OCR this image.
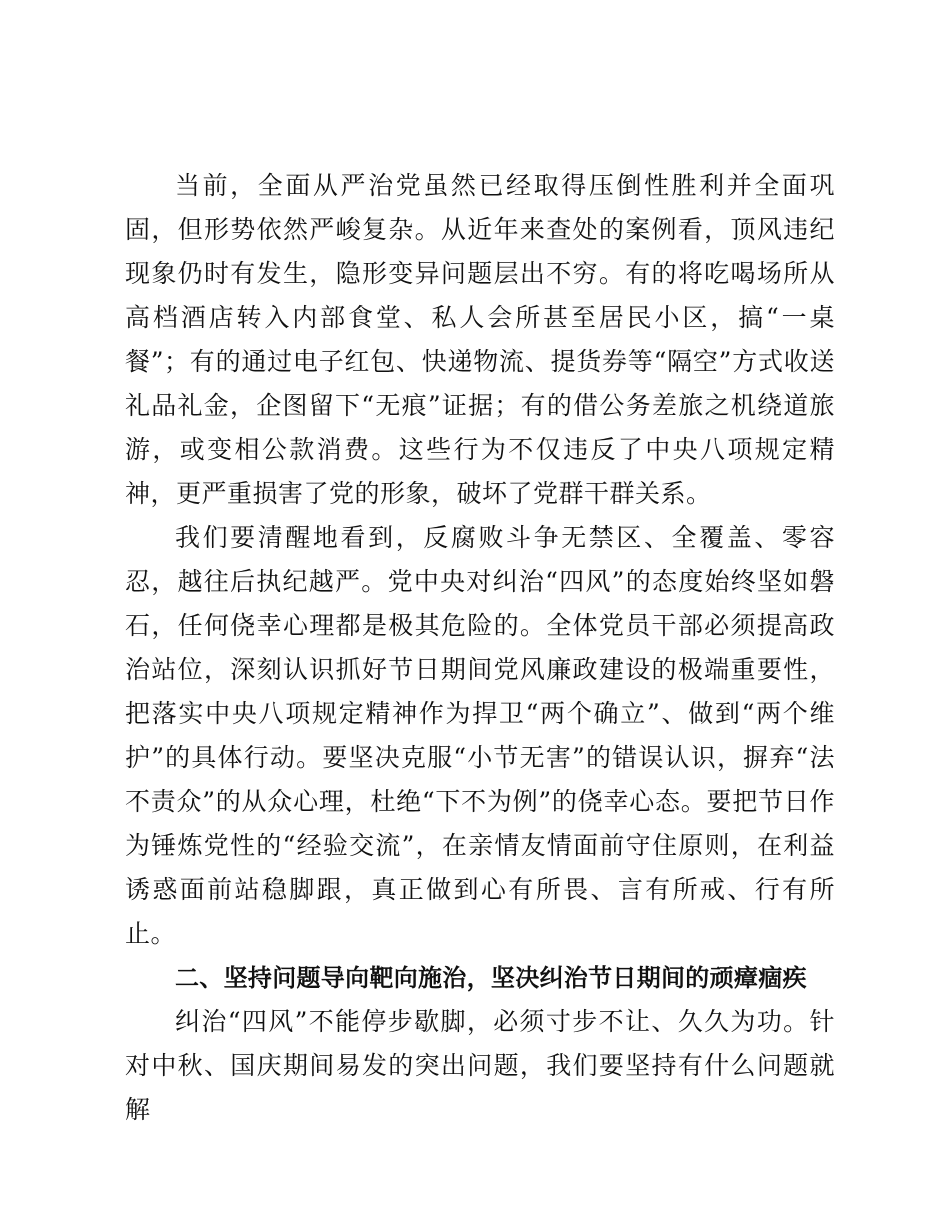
当前，全面从严治党虽然已经取得压倒性胜利并全面巩固，但形势依然严峻复杂。从近年来查处的案例看，顶风违纪现象仍时有发生，隐形变异问题层出不穷。有的将吃喝场所从高档酒店转入内部食堂、私人会所甚至居民小区，搞“一桌餐”；有的通过电子红包、快递物流、提货券等“隔空”方式收送礼品礼金，企图留下“无痕”证据；有的借公务差旅之机绕道旅游，或变相公款消费。这些行为不仅违反了中央八项规定精神，更严重损害了党的形象，破坏了党群干群关系。

我们要清醒地看到，反腐败斗争无禁区、全覆盖、零容忍，越往后执纪越严。党中央对纠治“四风”的态度始终坚如磐石，任何侥幸心理都是极其危险的。全体党员干部必须提高政治站位，深刻认识抓好节日期间党风廉政建设的极端重要性，把落实中央八项规定精神作为捍卫“两个确立”、做到“两个维护”的具体行动。要坚决克服“小节无害”的错误认识，摒弃“法不责众”的从众心理，杜绝“下不为例”的侥幸心态。要把节日作为锤炼党性的“经验交流”，在亲情友情面前守住原则，在利益诱惑面前站稳脚跟，真正做到心有所畏、言有所戒、行有所止。

二、坚持问题导向靶向施治，坚决纠治节日期间的顽瘴痼疾

纠治“四风”不能停步歇脚，必须寸步不让、久久为功。针对中秋、国庆期间易发的突出问题，我们要坚持有什么问题就解
